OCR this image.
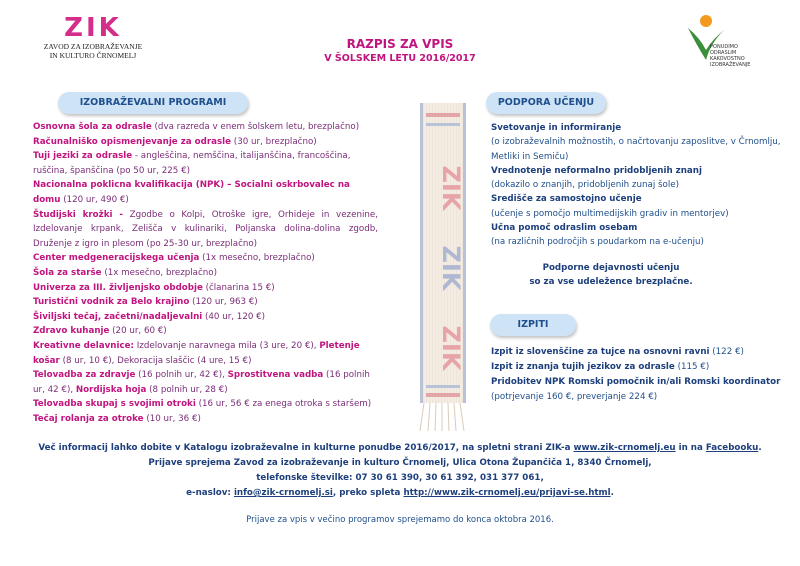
ZIK
ZAVOD ZA IZOBRAŽEVANJE
IN KULTURO ČRNOMELJ
RAZPIS ZA VPIS
V ŠOLSKEM LETU 2016/2017
PONUDIMO
ODRASLIM
KAKOVOSTNO
IZOBRAŽEVANJE
IZOBRAŽEVALNI PROGRAMI	PODPORA UČENJU
IZPITI
Osnovna šola za odrasle (dva razreda v enem šolskem letu, brezplačno)
Računalniško opismenjevanje za odrasle (30 ur, brezplačno)
Tuji jeziki za odrasle - angleščina, nemščina, italijanščina, francoščina, ruščina, španščina (po 50 ur, 225 €)
Nacionalna poklicna kvalifikacija (NPK) – Socialni oskrbovalec na domu (120 ur, 490 €)
Študijski krožki - Zgodbe o Kolpi, Otroške igre, Orhideje in vezenine, Izdelovanje krpank, Zelišča v kulinariki, Poljanska dolina-dolina zgodb, Druženje z igro in plesom (po 25-30 ur, brezplačno)
Center medgeneracijskega učenja (1x mesečno, brezplačno)
Šola za starše (1x mesečno, brezplačno)
Univerza za III. življenjsko obdobje (članarina 15 €)
Turistični vodnik za Belo krajino (120 ur, 963 €)
Šiviljski tečaj, začetni/nadaljevalni (40 ur, 120 €)
Zdravo kuhanje (20 ur, 60 €)
Kreativne delavnice: Izdelovanje naravnega mila (3 ure, 20 €), Pletenje košar (8 ur, 10 €), Dekoracija slaščic (4 ure, 15 €)
Telovadba za zdravje (16 polnih ur, 42 €), Sprostitvena vadba (16 polnih ur, 42 €), Nordijska hoja (8 polnih ur, 28 €)
Telovadba skupaj s svojimi otroki (16 ur, 56 € za enega otroka s staršem)
Tečaj rolanja za otroke (10 ur, 36 €)
ZIK
ZIK
ZIK
Svetovanje in informiranje
(o izobraževalnih možnostih, o načrtovanju zaposlitve, v Črnomlju, Metliki in Semiču)
Vrednotenje neformalno pridobljenih znanj
(dokazilo o znanjih, pridobljenih zunaj šole)
Središče za samostojno učenje
(učenje s pomočjo multimedijskih gradiv in mentorjev)
Učna pomoč odraslim osebam
(na različnih področjih s poudarkom na e-učenju)
Podporne dejavnosti učenju
so za vse udeležence brezplačne.
Izpit iz slovenščine za tujce na osnovni ravni (122 €)
Izpit iz znanja tujih jezikov za odrasle (115 €)
Pridobitev NPK Romski pomočnik in/ali Romski koordinator (potrjevanje 160 €, preverjanje 224 €)
Več informacij lahko dobite v Katalogu izobraževalne in kulturne ponudbe 2016/2017, na spletni strani ZIK-a www.zik-crnomelj.eu in na Facebooku.
Prijave sprejema Zavod za izobraževanje in kulturo Črnomelj, Ulica Otona Župančiča 1, 8340 Črnomelj,
telefonske številke: 07 30 61 390, 30 61 392, 031 377 061,
e-naslov: info@zik-crnomelj.si, preko spleta http://www.zik-crnomelj.eu/prijavi-se.html.
Prijave za vpis v večino programov sprejemamo do konca oktobra 2016.
